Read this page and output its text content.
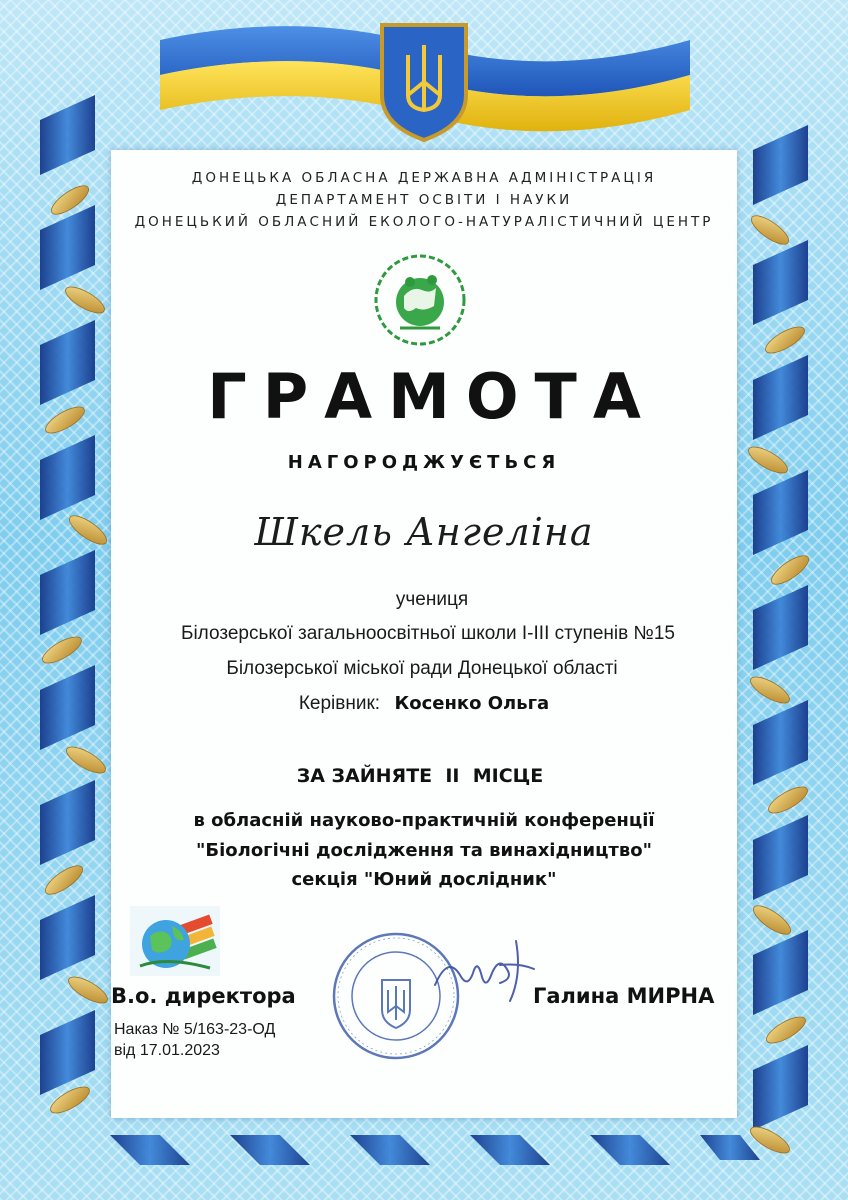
ДОНЕЦЬКА ОБЛАСНА ДЕРЖАВНА АДМІНІСТРАЦІЯ
ДЕПАРТАМЕНТ ОСВІТИ І НАУКИ
ДОНЕЦЬКИЙ ОБЛАСНИЙ ЕКОЛОГО-НАТУРАЛІСТИЧНИЙ ЦЕНТР
ГРАМОТА
НАГОРОДЖУЄТЬСЯ
Шкель Ангеліна
учениця
Білозерської загальноосвітньої школи І-ІІІ ступенів №15
Білозерської міської ради Донецької області
Керівник: Косенко Ольга
ЗА ЗАЙНЯТЕ  ІІ  МІСЦЕ
в обласній науково-практичній конференції
"Біологічні дослідження та винахідництво"
секція "Юний дослідник"
В.о. директора	Галина МИРНА
Наказ № 5/163-23-ОД
від 17.01.2023
